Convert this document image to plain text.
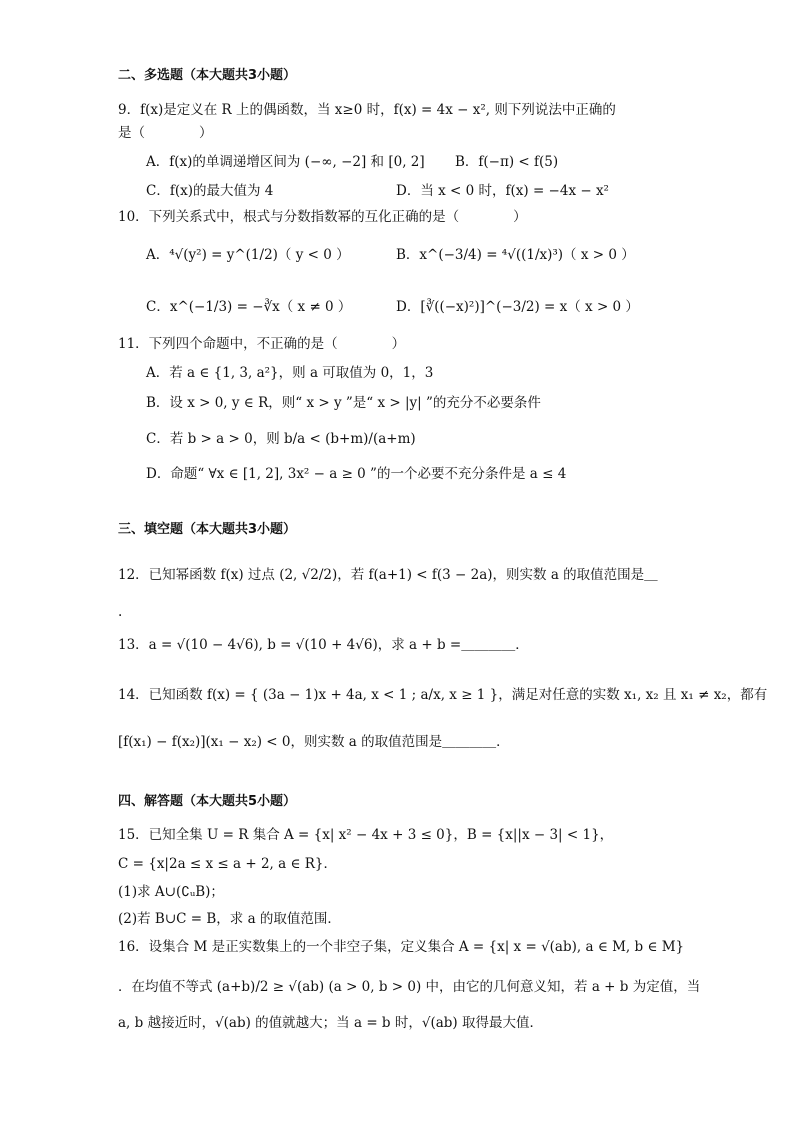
二、多选题（本大题共3小题）
9．f(x)是定义在 R 上的偶函数，当 x≥0 时，f(x) = 4x − x², 则下列说法中正确的
是（　　　　）
A．f(x)的单调递增区间为 (−∞, −2] 和 [0, 2] B．f(−π) < f(5)
C．f(x)的最大值为 4	D．当 x < 0 时，f(x) = −4x − x²
10．下列关系式中，根式与分数指数幂的互化正确的是（　　　　）
A．⁴√(y²) = y^(1/2)（ y < 0 ）	B．x^(−3/4) = ⁴√((1/x)³)（ x > 0 ）
C．x^(−1/3) = −∛x（ x ≠ 0 ）	D．[∛((−x)²)]^(−3/2) = x（ x > 0 ）
11．下列四个命题中，不正确的是（　　　　）
A．若 a ∈ {1, 3, a²}，则 a 可取值为 0，1，3
B．设 x > 0, y ∈ R，则“ x > y ”是“ x > |y| ”的充分不必要条件
C．若 b > a > 0，则 b/a < (b+m)/(a+m)
D．命题“ ∀x ∈ [1, 2], 3x² − a ≥ 0 ”的一个必要不充分条件是 a ≤ 4
三、填空题（本大题共3小题）
12．已知幂函数 f(x) 过点 (2, √2/2)，若 f(a+1) < f(3 − 2a)，则实数 a 的取值范围是＿
.
13．a = √(10 − 4√6), b = √(10 + 4√6)，求 a + b =＿＿＿＿．
14．已知函数 f(x) = { (3a − 1)x + 4a, x < 1 ; a/x, x ≥ 1 }，满足对任意的实数 x₁, x₂ 且 x₁ ≠ x₂，都有
[f(x₁) − f(x₂)](x₁ − x₂) < 0，则实数 a 的取值范围是＿＿＿＿．
四、解答题（本大题共5小题）
15．已知全集 U = R 集合 A = {x| x² − 4x + 3 ≤ 0}，B = {x||x − 3| < 1}，
C = {x|2a ≤ x ≤ a + 2, a ∈ R}．
(1)求 A∪(∁ᵤB)；
(2)若 B∪C = B，求 a 的取值范围．
16．设集合 M 是正实数集上的一个非空子集，定义集合 A = {x| x = √(ab), a ∈ M, b ∈ M}
．在均值不等式 (a+b)/2 ≥ √(ab) (a > 0, b > 0) 中，由它的几何意义知，若 a + b 为定值，当
a, b 越接近时，√(ab) 的值就越大；当 a = b 时，√(ab) 取得最大值．
